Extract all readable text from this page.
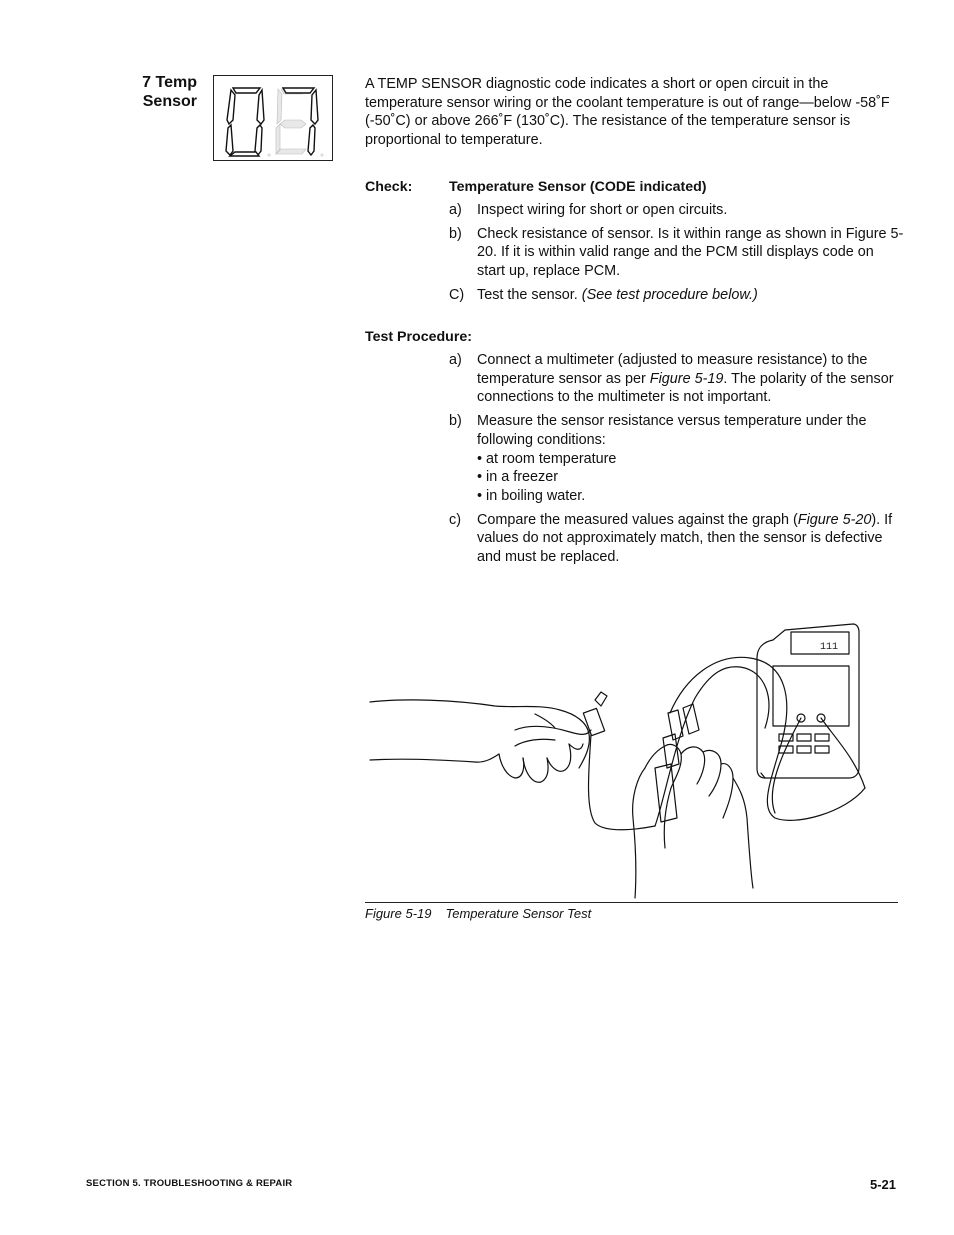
7 Temp
Sensor
A TEMP SENSOR diagnostic code indicates a short or open circuit in the temperature sensor wiring or the coolant temperature is out of range—below -58˚F (-50˚C) or above 266˚F (130˚C). The resistance of the temperature sensor is proportional to temperature.
Check:	Temperature Sensor (CODE indicated)
a) Inspect wiring for short or open circuits.
b) Check resistance of sensor. Is it within range as shown in Figure 5-20. If it is within valid range and the PCM still displays code on start up, replace PCM.
C) Test the sensor. (See test procedure below.)
Test Procedure:
a) Connect a multimeter (adjusted to measure resistance) to the temperature sensor as per Figure 5-19. The polarity of the sensor connections to the multimeter is not important.
b) Measure the sensor resistance versus temperature under the following conditions:
• at room temperature
• in a freezer
• in boiling water.
c) Compare the measured values against the graph (Figure 5-20). If values do not approximately match, then the sensor is defective and must be replaced.
111
Figure 5-19 Temperature Sensor Test
SECTION 5. TROUBLESHOOTING & REPAIR	5-21
